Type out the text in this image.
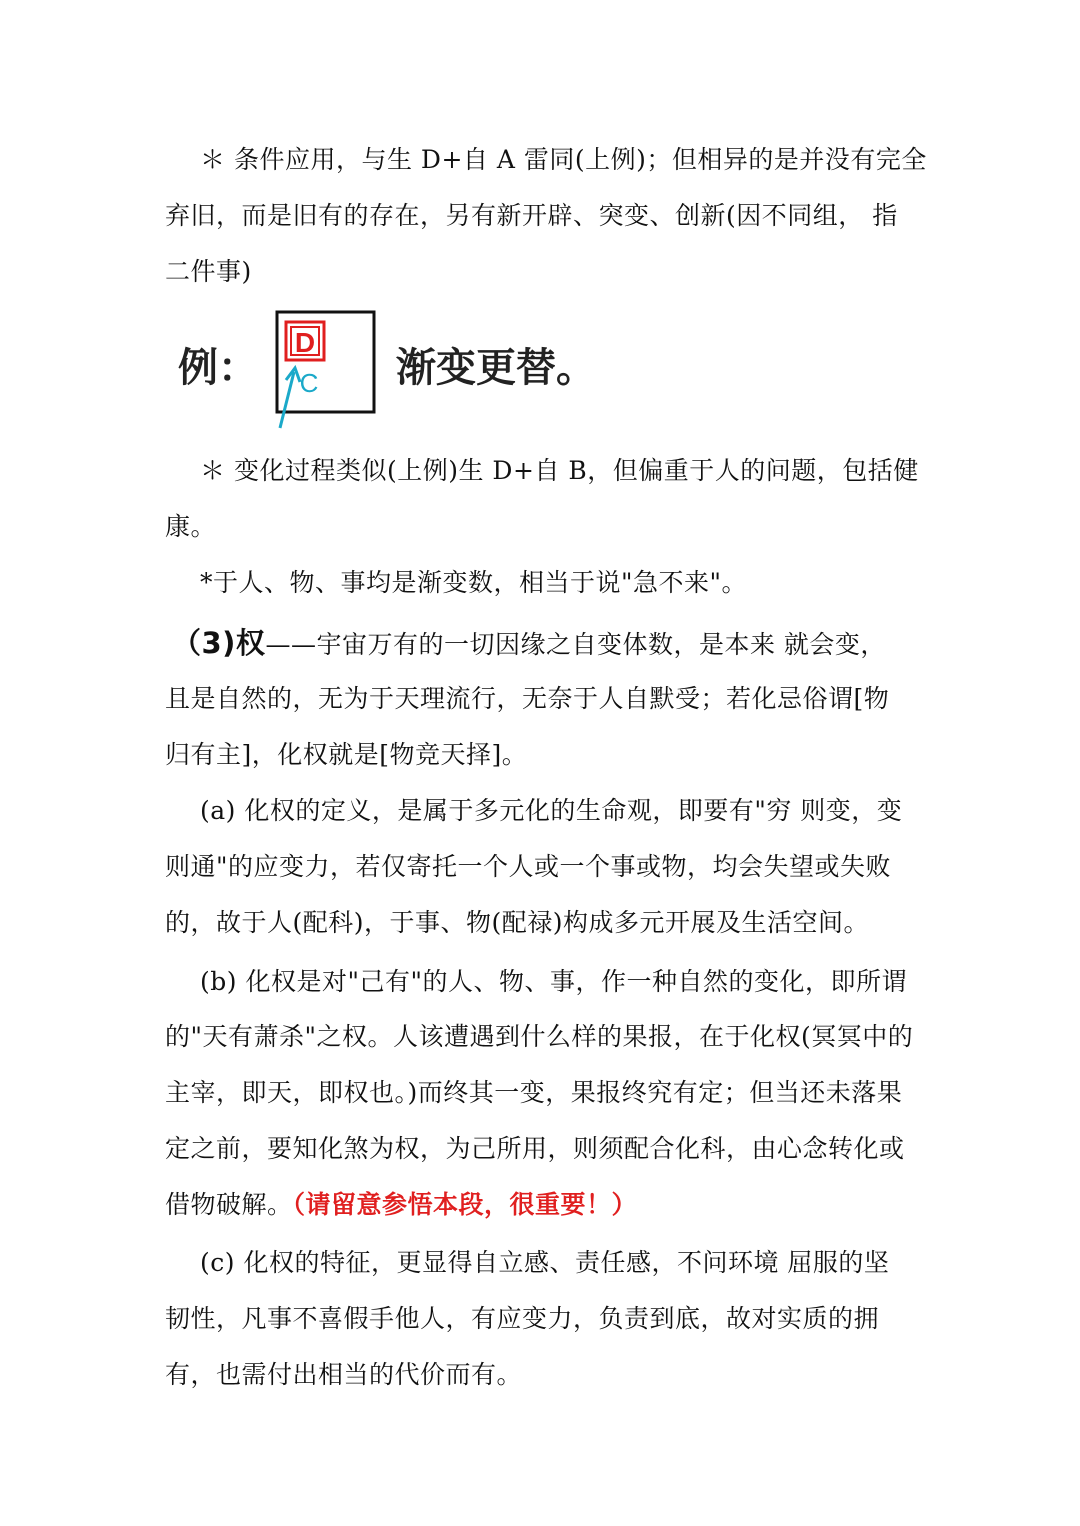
＊ 条件应用，与生 D+自 A 雷同(上例)；但相异的是并没有完全
弃旧，而是旧有的存在，另有新开辟、突变、创新(因不同组， 指
二件事)
例：
D
C 渐变更替。
＊ 变化过程类似(上例)生 D+自 B，但偏重于人的问题，包括健
康。
*于人、物、事均是渐变数，相当于说"急不来"。
（3)权——宇宙万有的一切因缘之自变体数，是本来 就会变，
且是自然的，无为于天理流行，无奈于人自默受；若化忌俗谓[物
归有主]，化权就是[物竞天择]。
(a) 化权的定义，是属于多元化的生命观，即要有"穷 则变，变
则通"的应变力，若仅寄托一个人或一个事或物，均会失望或失败
的，故于人(配科)，于事、物(配禄)构成多元开展及生活空间。
(b) 化权是对"己有"的人、物、事，作一种自然的变化，即所谓
的"天有萧杀"之权。人该遭遇到什么样的果报，在于化权(冥冥中的
主宰，即天，即权也。)而终其一变，果报终究有定；但当还未落果
定之前，要知化煞为权，为己所用，则须配合化科，由心念转化或
借物破解。（请留意参悟本段，很重要！）
(c) 化权的特征，更显得自立感、责任感，不问环境 屈服的坚
韧性，凡事不喜假手他人，有应变力，负责到底，故对实质的拥
有，也需付出相当的代价而有。
